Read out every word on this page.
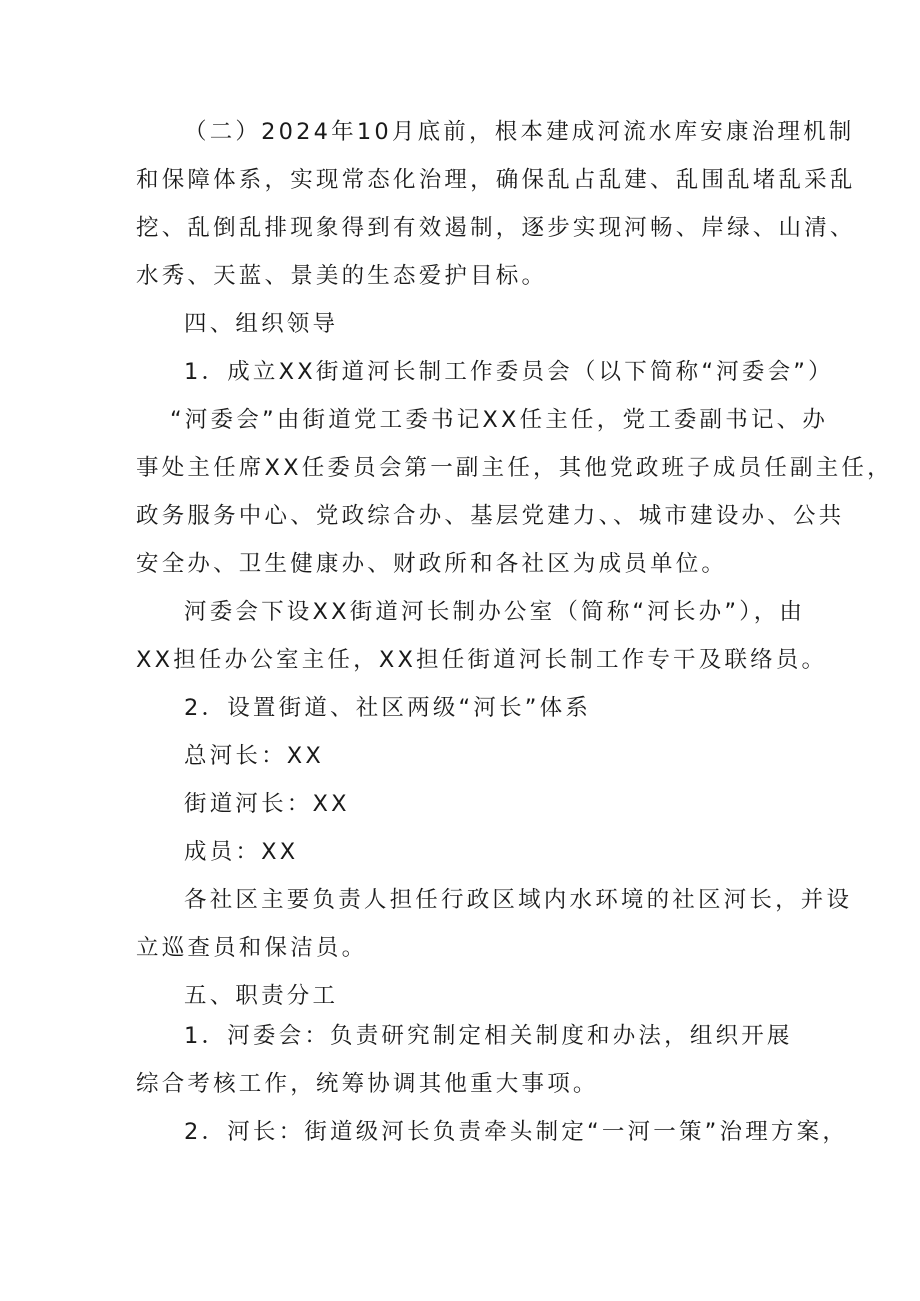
（二）2024年10月底前，根本建成河流水库安康治理机制

和保障体系，实现常态化治理，确保乱占乱建、乱围乱堵乱采乱

挖、乱倒乱排现象得到有效遏制，逐步实现河畅、岸绿、山清、

水秀、天蓝、景美的生态爱护目标。

四、组织领导

1．成立XX街道河长制工作委员会（以下简称“河委会”）

“河委会”由街道党工委书记XX任主任，党工委副书记、办

事处主任席XX任委员会第一副主任，其他党政班子成员任副主任，

政务服务中心、党政综合办、基层党建力、、城市建设办、公共

安全办、卫生健康办、财政所和各社区为成员单位。

河委会下设XX街道河长制办公室（简称“河长办”），由

XX担任办公室主任，XX担任街道河长制工作专干及联络员。

2．设置街道、社区两级“河长”体系

总河长：XX

街道河长：XX

成员：XX

各社区主要负责人担任行政区域内水环境的社区河长，并设

立巡查员和保洁员。

五、职责分工

1．河委会：负责研究制定相关制度和办法，组织开展

综合考核工作，统筹协调其他重大事项。

2．河长：街道级河长负责牵头制定“一河一策”治理方案，
